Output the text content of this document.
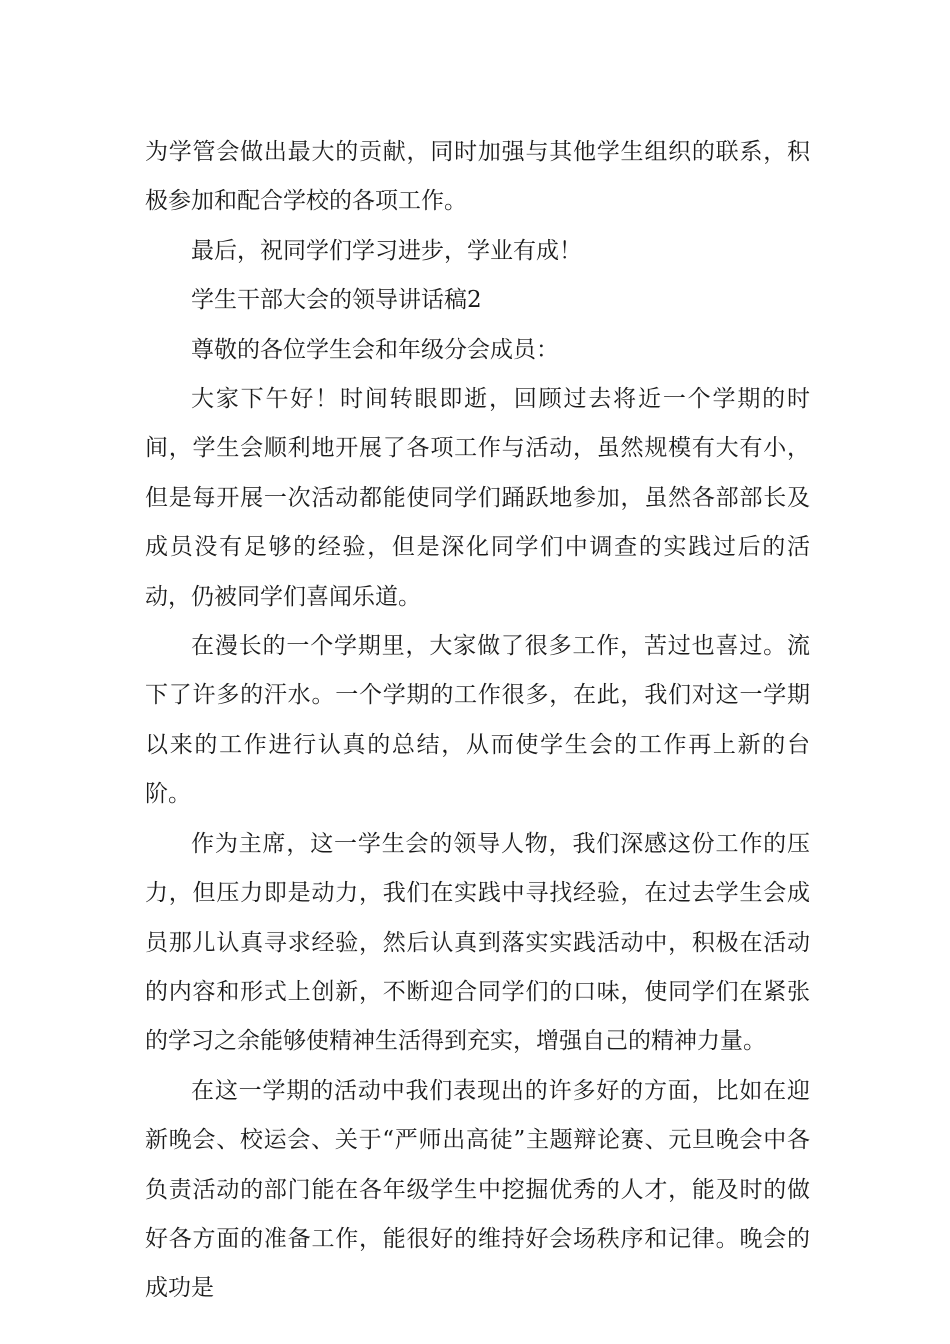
为学管会做出最大的贡献，同时加强与其他学生组织的联系，积极参加和配合学校的各项工作。

最后，祝同学们学习进步，学业有成！

学生干部大会的领导讲话稿2

尊敬的各位学生会和年级分会成员：

大家下午好！时间转眼即逝，回顾过去将近一个学期的时间，学生会顺利地开展了各项工作与活动，虽然规模有大有小，但是每开展一次活动都能使同学们踊跃地参加，虽然各部部长及成员没有足够的经验，但是深化同学们中调查的实践过后的活动，仍被同学们喜闻乐道。

在漫长的一个学期里，大家做了很多工作，苦过也喜过。流下了许多的汗水。一个学期的工作很多，在此，我们对这一学期以来的工作进行认真的总结，从而使学生会的工作再上新的台阶。

作为主席，这一学生会的领导人物，我们深感这份工作的压力，但压力即是动力，我们在实践中寻找经验，在过去学生会成员那儿认真寻求经验，然后认真到落实实践活动中，积极在活动的内容和形式上创新，不断迎合同学们的口味，使同学们在紧张的学习之余能够使精神生活得到充实，增强自己的精神力量。

在这一学期的活动中我们表现出的许多好的方面，比如在迎新晚会、校运会、关于“严师出高徒”主题辩论赛、元旦晚会中各负责活动的部门能在各年级学生中挖掘优秀的人才，能及时的做好各方面的准备工作，能很好的维持好会场秩序和记律。晚会的成功是
